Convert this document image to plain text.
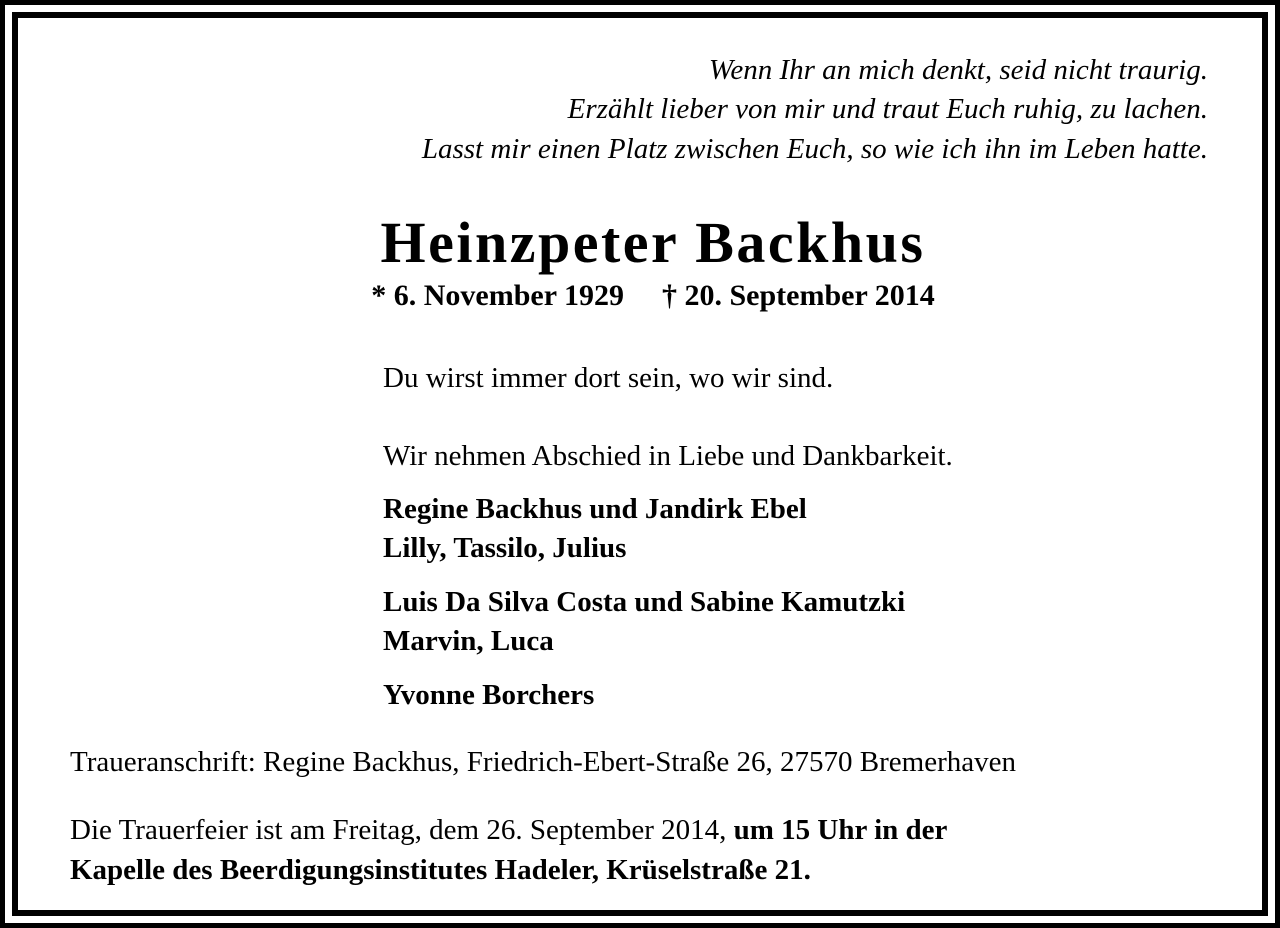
Wenn Ihr an mich denkt, seid nicht traurig.

Erzählt lieber von mir und traut Euch ruhig, zu lachen.

Lasst mir einen Platz zwischen Euch, so wie ich ihn im Leben hatte.

Heinzpeter Backhus
* 6. November 1929 † 20. September 2014

Du wirst immer dort sein, wo wir sind.

Wir nehmen Abschied in Liebe und Dankbarkeit.

Regine Backhus und Jandirk Ebel

Lilly, Tassilo, Julius

Luis Da Silva Costa und Sabine Kamutzki

Marvin, Luca

Yvonne Borchers

Traueranschrift: Regine Backhus, Friedrich-Ebert-Straße 26, 27570 Bremerhaven

Die Trauerfeier ist am Freitag, dem 26. September 2014, um 15 Uhr in der

Kapelle des Beerdigungsinstitutes Hadeler, Krüselstraße 21.
